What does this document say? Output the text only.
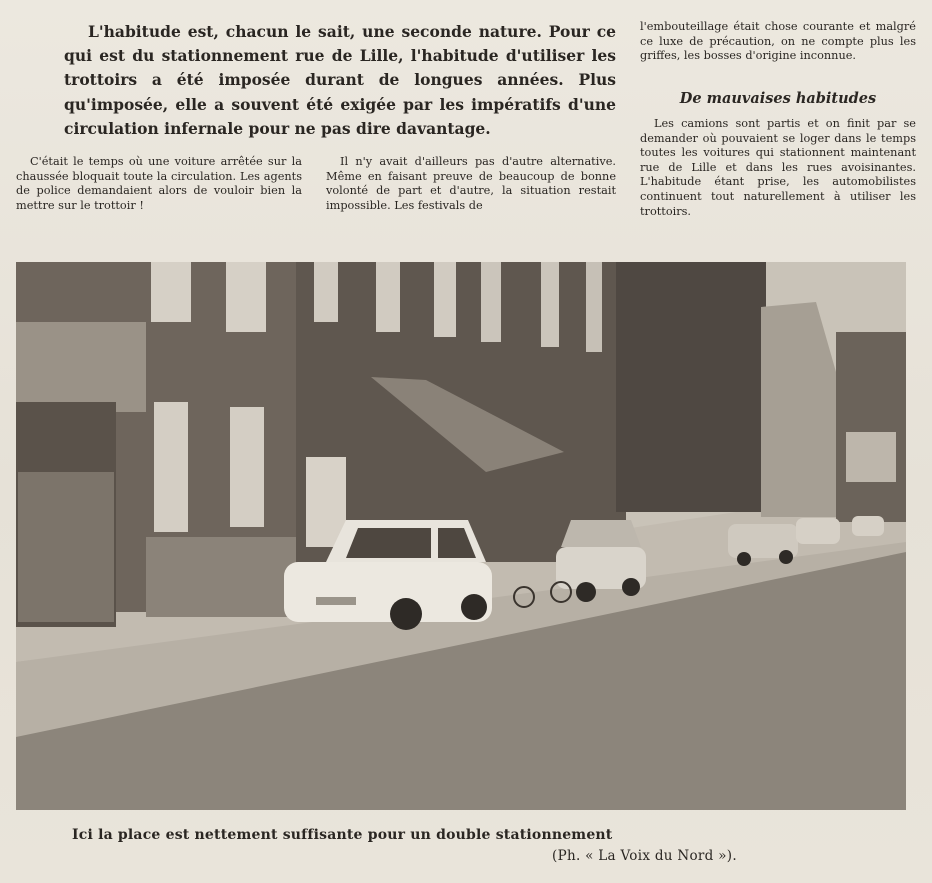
L'habitude est, chacun le sait, une seconde nature. Pour ce qui est du stationnement rue de Lille, l'habitude d'utiliser les trottoirs a été imposée durant de longues années. Plus qu'imposée, elle a souvent été exigée par les impératifs d'une circulation infernale pour ne pas dire davantage.

C'était le temps où une voiture arrêtée sur la chaussée bloquait toute la circulation. Les agents de police demandaient alors de vouloir bien la mettre sur le trottoir !

Il n'y avait d'ailleurs pas d'autre alternative. Même en faisant preuve de beaucoup de bonne volonté de part et d'autre, la situation restait impossible. Les festivals de

l'embouteillage était chose courante et malgré ce luxe de précaution, on ne compte plus les griffes, les bosses d'origine inconnue.

De mauvaises habitudes

Les camions sont partis et on finit par se demander où pouvaient se loger dans le temps toutes les voitures qui stationnent maintenant rue de Lille et dans les rues avoisinantes. L'habitude étant prise, les automobilistes continuent tout naturellement à utiliser les trottoirs.

Ici la place est nettement suffisante pour un double stationnement

(Ph. « La Voix du Nord »).
